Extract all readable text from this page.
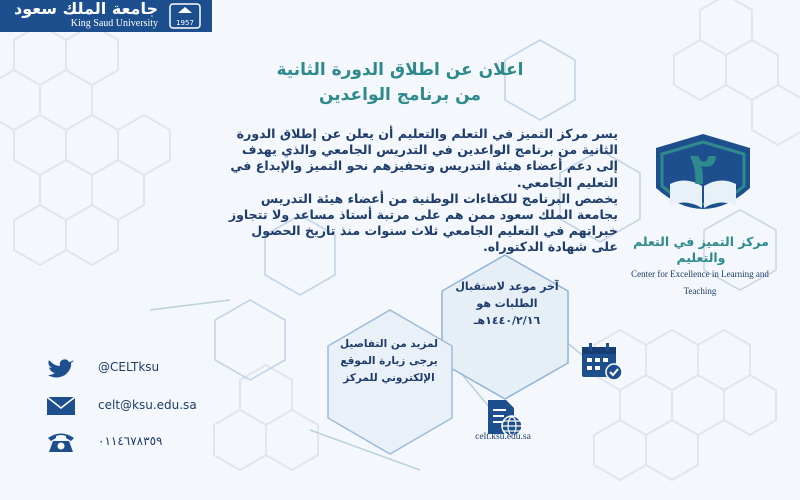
جامعة الملك سعود
King Saud University	1957
اعلان عن اطلاق الدورة الثانية
من برنامج الواعدين

يسر مركز التميز في التعلم والتعليم أن يعلن عن إطلاق الدورة الثانية من برنامج الواعدين في التدريس الجامعي والذي يهدف إلى دعم أعضاء هيئة التدريس وتحفيزهم نحو التميز والإبداع في التعليم الجامعي.

يخصص البرنامج للكفاءات الوطنية من أعضاء هيئة التدريس بجامعة الملك سعود ممن هم على مرتبة أستاذ مساعد ولا تتجاوز خبراتهم في التعليم الجامعي ثلاث سنوات منذ تاريخ الحصول على شهادة الدكتوراه.

٢
مركز التميز في التعلم
والتعليم
Center for Excellence in Learning and
Teaching
آخر موعد لاستقبال
الطلبات هو
١٤٤٠/٢/١٦هـ
لمزيد من التفاصيل
يرجى زيارة الموقع
الإلكتروني للمركز
celt.ksu.edu.sa
@CELTksu
celt@ksu.edu.sa
٠١١٤٦٧٨٣٥٩
